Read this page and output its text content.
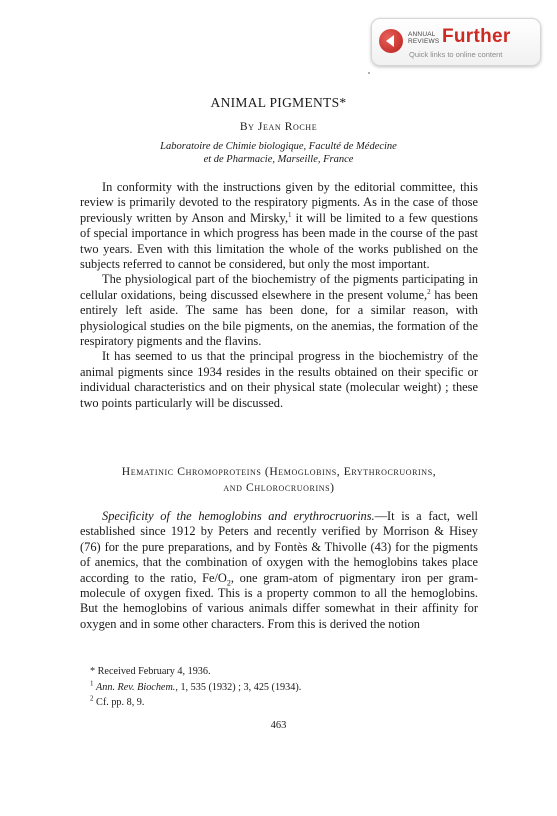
ANNUAL
REVIEWS Further
Quick links to online content
ANIMAL PIGMENTS*
By Jean Roche
Laboratoire de Chimie biologique, Faculté de Médecine
et de Pharmacie, Marseille, France

In conformity with the instructions given by the editorial committee, this review is primarily devoted to the respiratory pigments. As in the case of those previously written by Anson and Mirsky,$^1$ it will be limited to a few questions of special importance in which progress has been made in the course of the past two years. Even with this limitation the whole of the works published on the subjects referred to cannot be considered, but only the most important.

The physiological part of the biochemistry of the pigments participating in cellular oxidations, being discussed elsewhere in the present volume,$^2$ has been entirely left aside. The same has been done, for a similar reason, with physiological studies on the bile pigments, on the anemias, the formation of the respiratory pigments and the flavins.

It has seemed to us that the principal progress in the biochemistry of the animal pigments since 1934 resides in the results obtained on their specific or individual characteristics and on their physical state (molecular weight) ; these two points particularly will be discussed.

Hematinic Chromoproteins (Hemoglobins, Erythrocruorins,
and Chlorocruorins)

Specificity of the hemoglobins and erythrocruorins.—It is a fact, well established since 1912 by Peters and recently verified by Morrison & Hisey (76) for the pure preparations, and by Fontès & Thivolle (43) for the pigments of anemics, that the combination of oxygen with the hemoglobins takes place according to the ratio, $Fe/O_2$, one gram-atom of pigmentary iron per gram-molecule of oxygen fixed. This is a property common to all the hemoglobins. But the hemoglobins of various animals differ somewhat in their affinity for oxygen and in some other characters. From this is derived the notion

* Received February 4, 1936.
$^1$ Ann. Rev. Biochem., 1, 535 (1932) ; 3, 425 (1934).
$^2$ Cf. pp. 8, 9.
463
